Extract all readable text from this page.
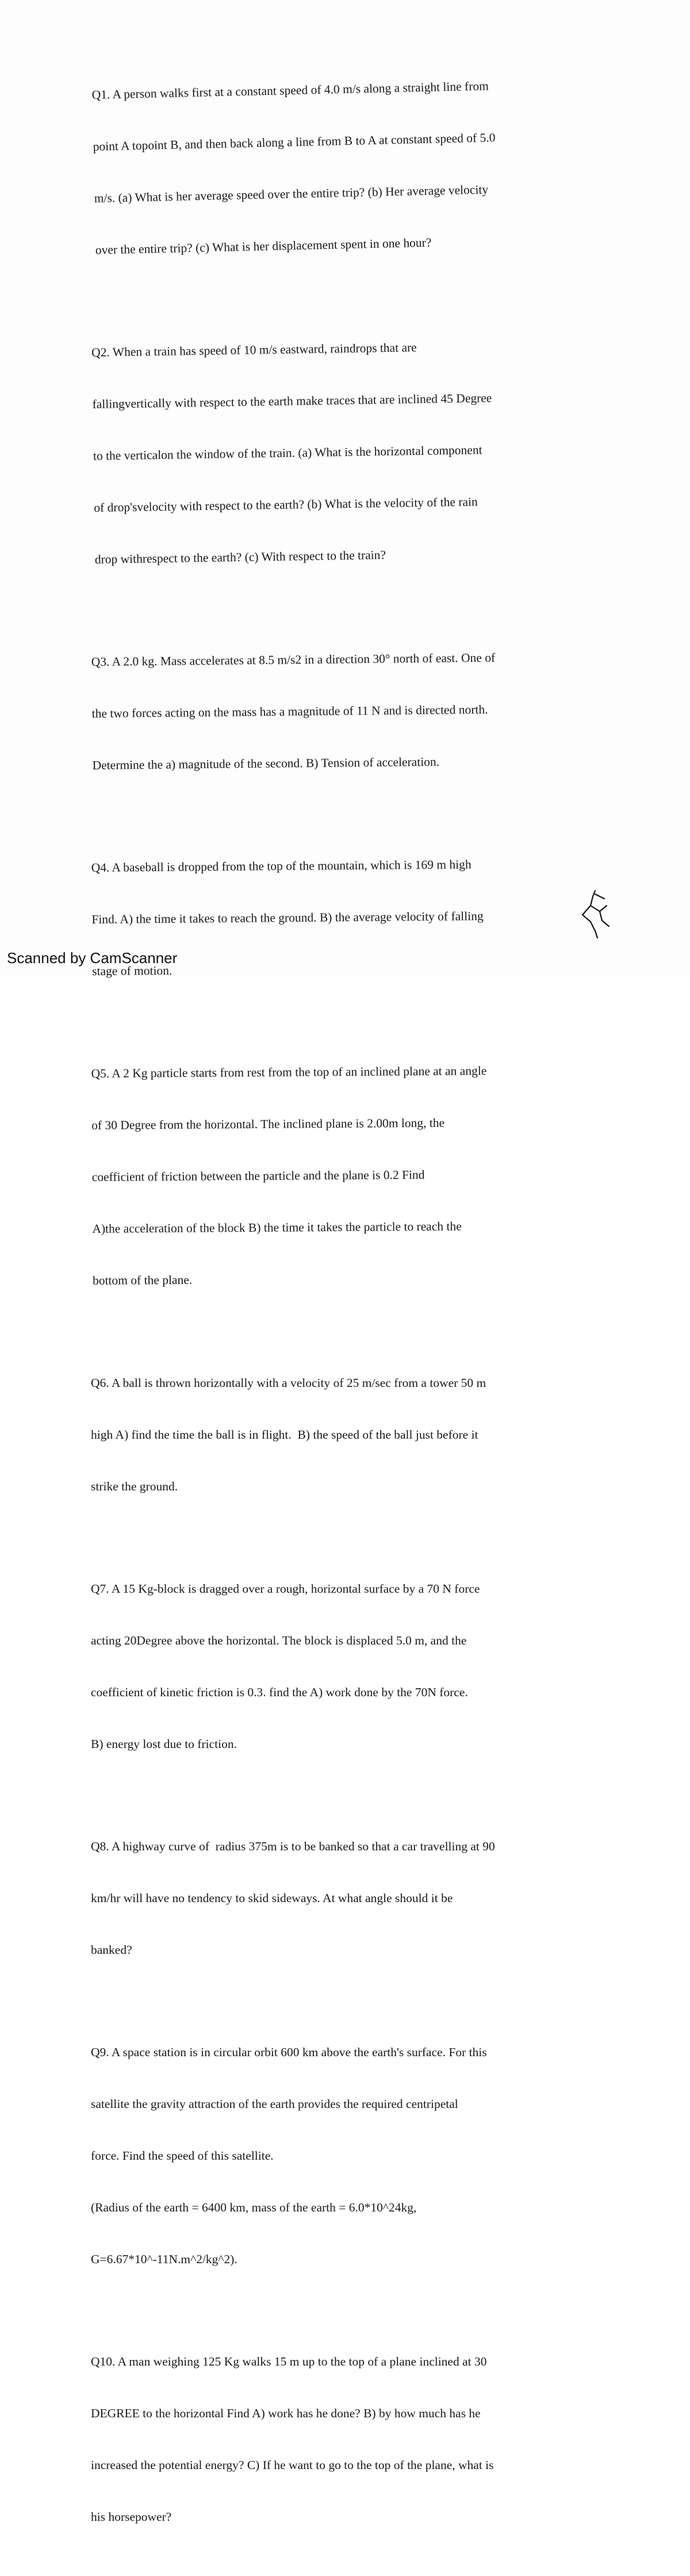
Q1. A person walks first at a constant speed of 4.0 m/s along a straight line from

point A topoint B, and then back along a line from B to A at constant speed of 5.0

m/s. (a) What is her average speed over the entire trip? (b) Her average velocity

over the entire trip? (c) What is her displacement spent in one hour?

Q2. When a train has speed of 10 m/s eastward, raindrops that are

fallingvertically with respect to the earth make traces that are inclined 45 Degree

to the verticalon the window of the train. (a) What is the horizontal component

of drop'svelocity with respect to the earth? (b) What is the velocity of the rain

drop withrespect to the earth? (c) With respect to the train?

Q3. A 2.0 kg. Mass accelerates at 8.5 m/s2 in a direction 30° north of east. One of

the two forces acting on the mass has a magnitude of 11 N and is directed north.

Determine the a) magnitude of the second. B) Tension of acceleration.

Q4. A baseball is dropped from the top of the mountain, which is 169 m high

Find. A) the time it takes to reach the ground. B) the average velocity of falling

stage of motion.

Q5. A 2 Kg particle starts from rest from the top of an inclined plane at an angle

of 30 Degree from the horizontal. The inclined plane is 2.00m long, the

coefficient of friction between the particle and the plane is 0.2 Find

A)the acceleration of the block B) the time it takes the particle to reach the

bottom of the plane.

Q6. A ball is thrown horizontally with a velocity of 25 m/sec from a tower 50 m

high A) find the time the ball is in flight.  B) the speed of the ball just before it

strike the ground.

Q7. A 15 Kg-block is dragged over a rough, horizontal surface by a 70 N force

acting 20Degree above the horizontal. The block is displaced 5.0 m, and the

coefficient of kinetic friction is 0.3. find the A) work done by the 70N force.

B) energy lost due to friction.

Q8. A highway curve of  radius 375m is to be banked so that a car travelling at 90

km/hr will have no tendency to skid sideways. At what angle should it be

banked?

Q9. A space station is in circular orbit 600 km above the earth's surface. For this

satellite the gravity attraction of the earth provides the required centripetal

force. Find the speed of this satellite.

(Radius of the earth = 6400 km, mass of the earth = 6.0*10^24kg,

G=6.67*10^-11N.m^2/kg^2).

Q10. A man weighing 125 Kg walks 15 m up to the top of a plane inclined at 30

DEGREE to the horizontal Find A) work has he done? B) by how much has he

increased the potential energy? C) If he want to go to the top of the plane, what is

his horsepower?

Scanned by CamScanner
